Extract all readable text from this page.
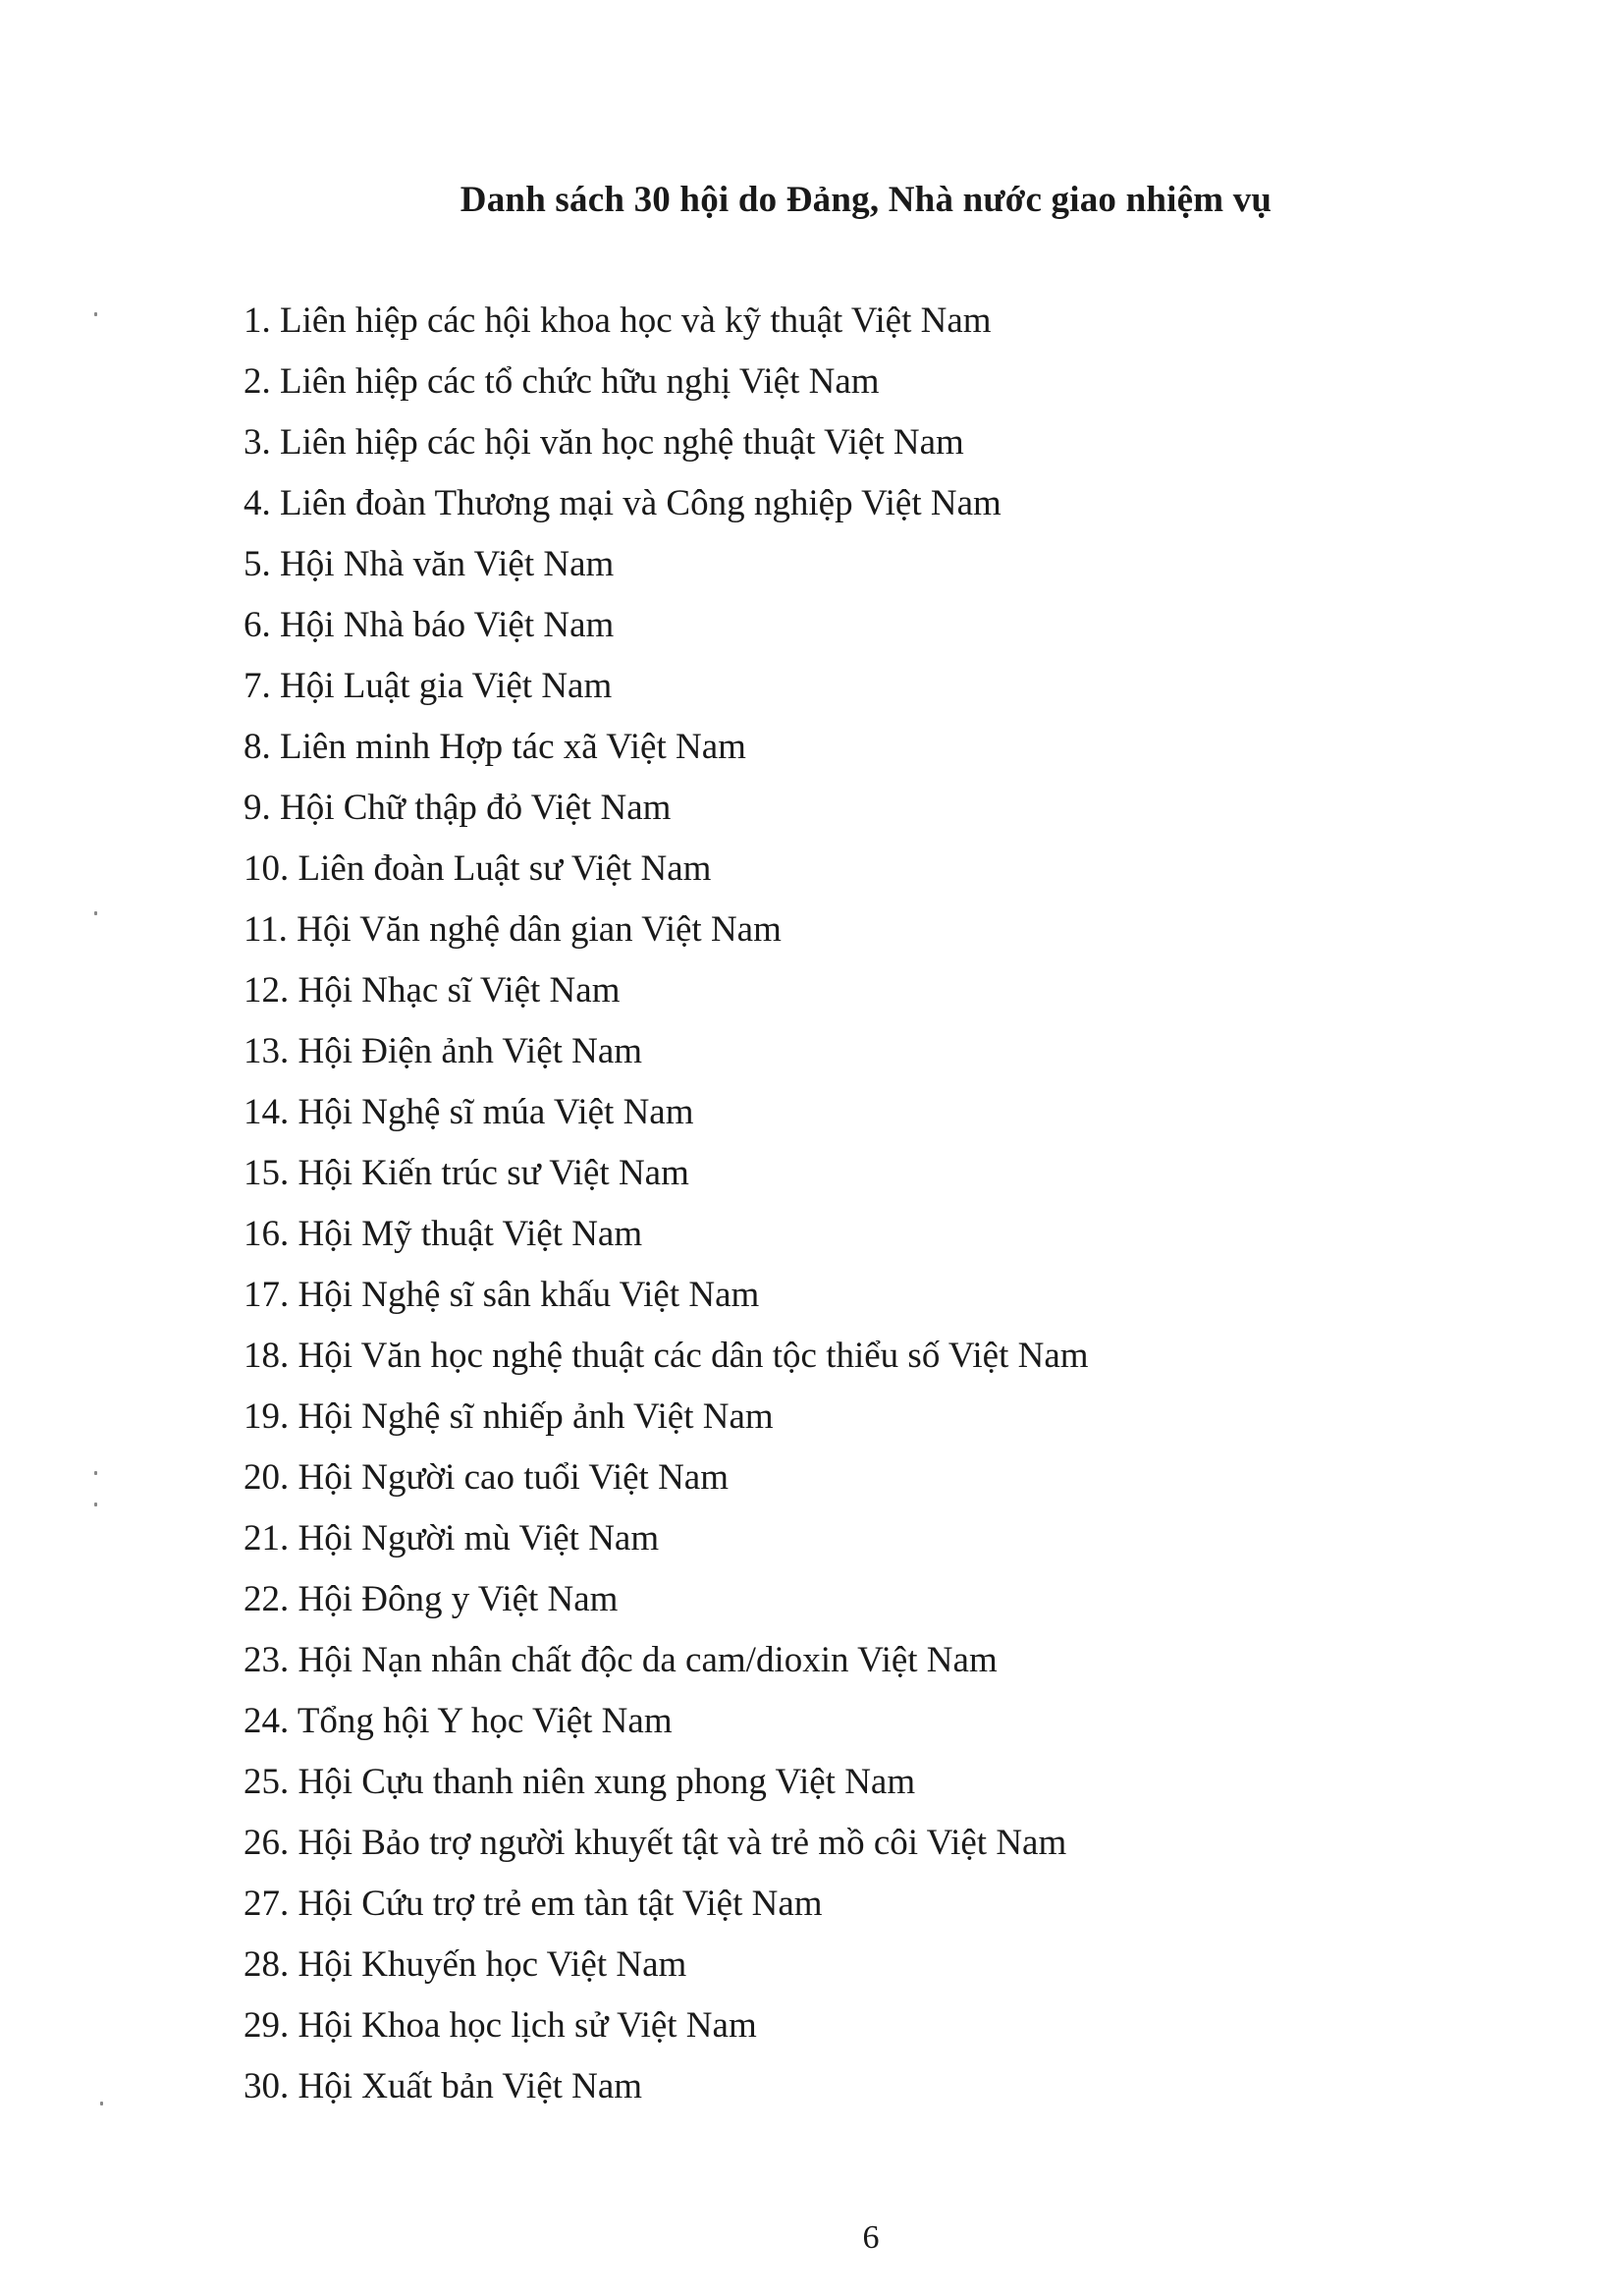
Danh sách 30 hội do Đảng, Nhà nước giao nhiệm vụ
1. Liên hiệp các hội khoa học và kỹ thuật Việt Nam
2. Liên hiệp các tổ chức hữu nghị Việt Nam
3. Liên hiệp các hội văn học nghệ thuật Việt Nam
4. Liên đoàn Thương mại và Công nghiệp Việt Nam
5. Hội Nhà văn Việt Nam
6. Hội Nhà báo Việt Nam
7. Hội Luật gia Việt Nam
8. Liên minh Hợp tác xã Việt Nam
9. Hội Chữ thập đỏ Việt Nam
10. Liên đoàn Luật sư Việt Nam
11. Hội Văn nghệ dân gian Việt Nam
12. Hội Nhạc sĩ Việt Nam
13. Hội Điện ảnh Việt Nam
14. Hội Nghệ sĩ múa Việt Nam
15. Hội Kiến trúc sư Việt Nam
16. Hội Mỹ thuật Việt Nam
17. Hội Nghệ sĩ sân khấu Việt Nam
18. Hội Văn học nghệ thuật các dân tộc thiểu số Việt Nam
19. Hội Nghệ sĩ nhiếp ảnh Việt Nam
20. Hội Người cao tuổi Việt Nam
21. Hội Người mù Việt Nam
22. Hội Đông y Việt Nam
23. Hội Nạn nhân chất độc da cam/dioxin Việt Nam
24. Tổng hội Y học Việt Nam
25. Hội Cựu thanh niên xung phong Việt Nam
26. Hội Bảo trợ người khuyết tật và trẻ mồ côi Việt Nam
27. Hội Cứu trợ trẻ em tàn tật Việt Nam
28. Hội Khuyến học Việt Nam
29. Hội Khoa học lịch sử Việt Nam
30. Hội Xuất bản Việt Nam
6
